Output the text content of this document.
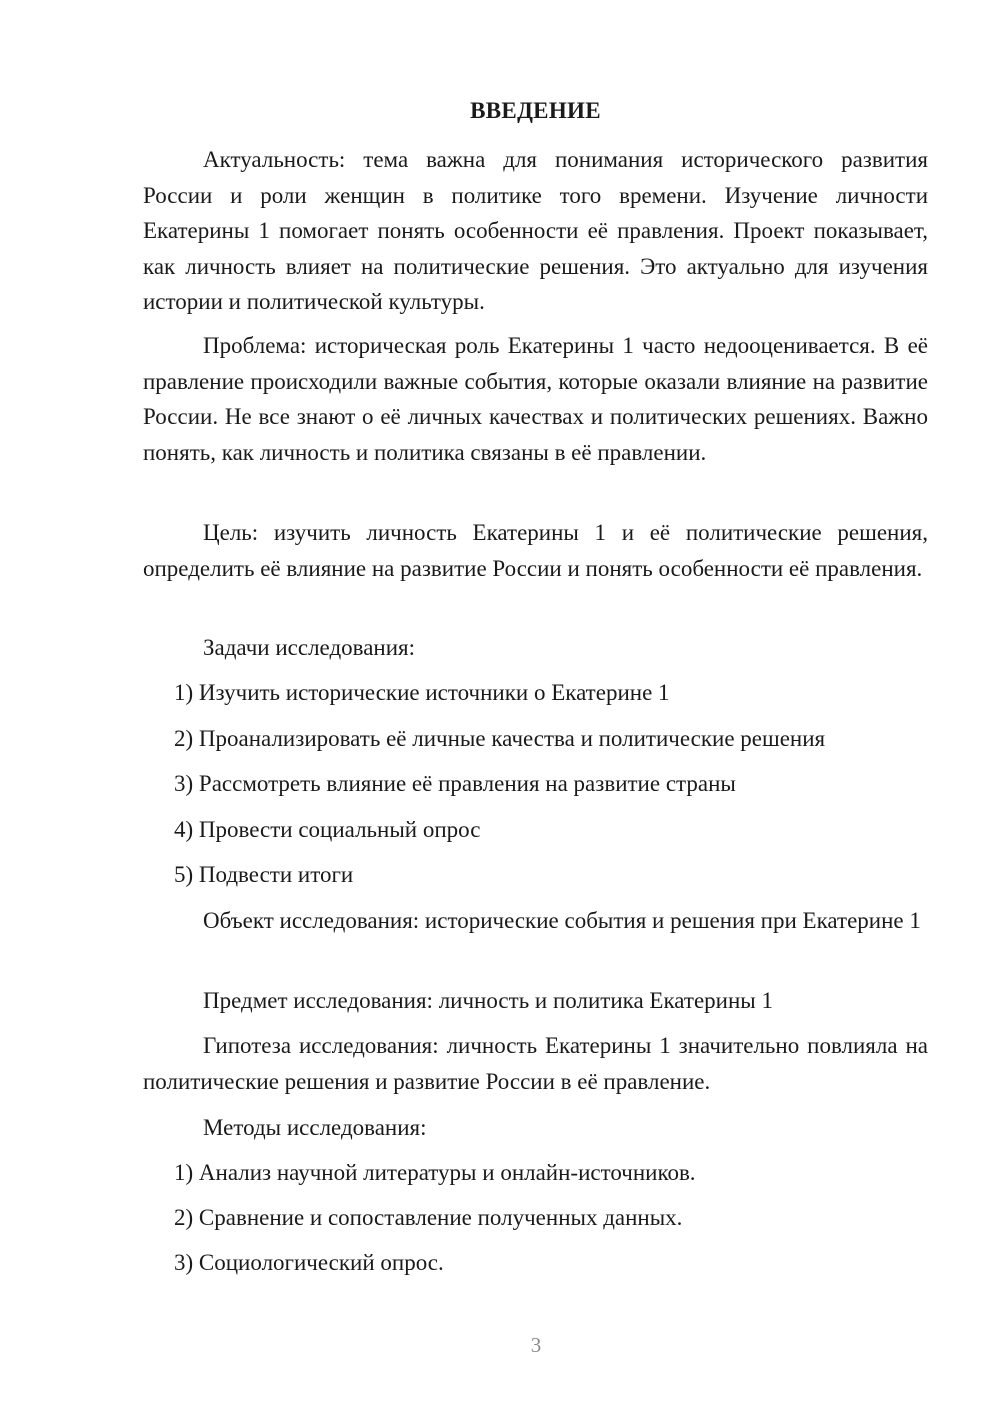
ВВЕДЕНИЕ

Актуальность: тема важна для понимания исторического развития России и роли женщин в политике того времени. Изучение личности Екатерины 1 помогает понять особенности её правления. Проект показывает, как личность влияет на политические решения. Это актуально для изучения истории и политической культуры.

Проблема: историческая роль Екатерины 1 часто недооценивается. В её правление происходили важные события, которые оказали влияние на развитие России. Не все знают о её личных качествах и политических решениях. Важно понять, как личность и политика связаны в её правлении.

Цель: изучить личность Екатерины 1 и её политические решения, определить её влияние на развитие России и понять особенности её правления.

Задачи исследования:

1) Изучить исторические источники о Екатерине 1

2) Проанализировать её личные качества и политические решения

3) Рассмотреть влияние её правления на развитие страны

4) Провести социальный опрос

5) Подвести итоги

Объект исследования: исторические события и решения при Екатерине 1

Предмет исследования: личность и политика Екатерины 1

Гипотеза исследования: личность Екатерины 1 значительно повлияла на политические решения и развитие России в её правление.

Методы исследования:

1) Анализ научной литературы и онлайн-источников.

2) Сравнение и сопоставление полученных данных.

3) Социологический опрос.

3
